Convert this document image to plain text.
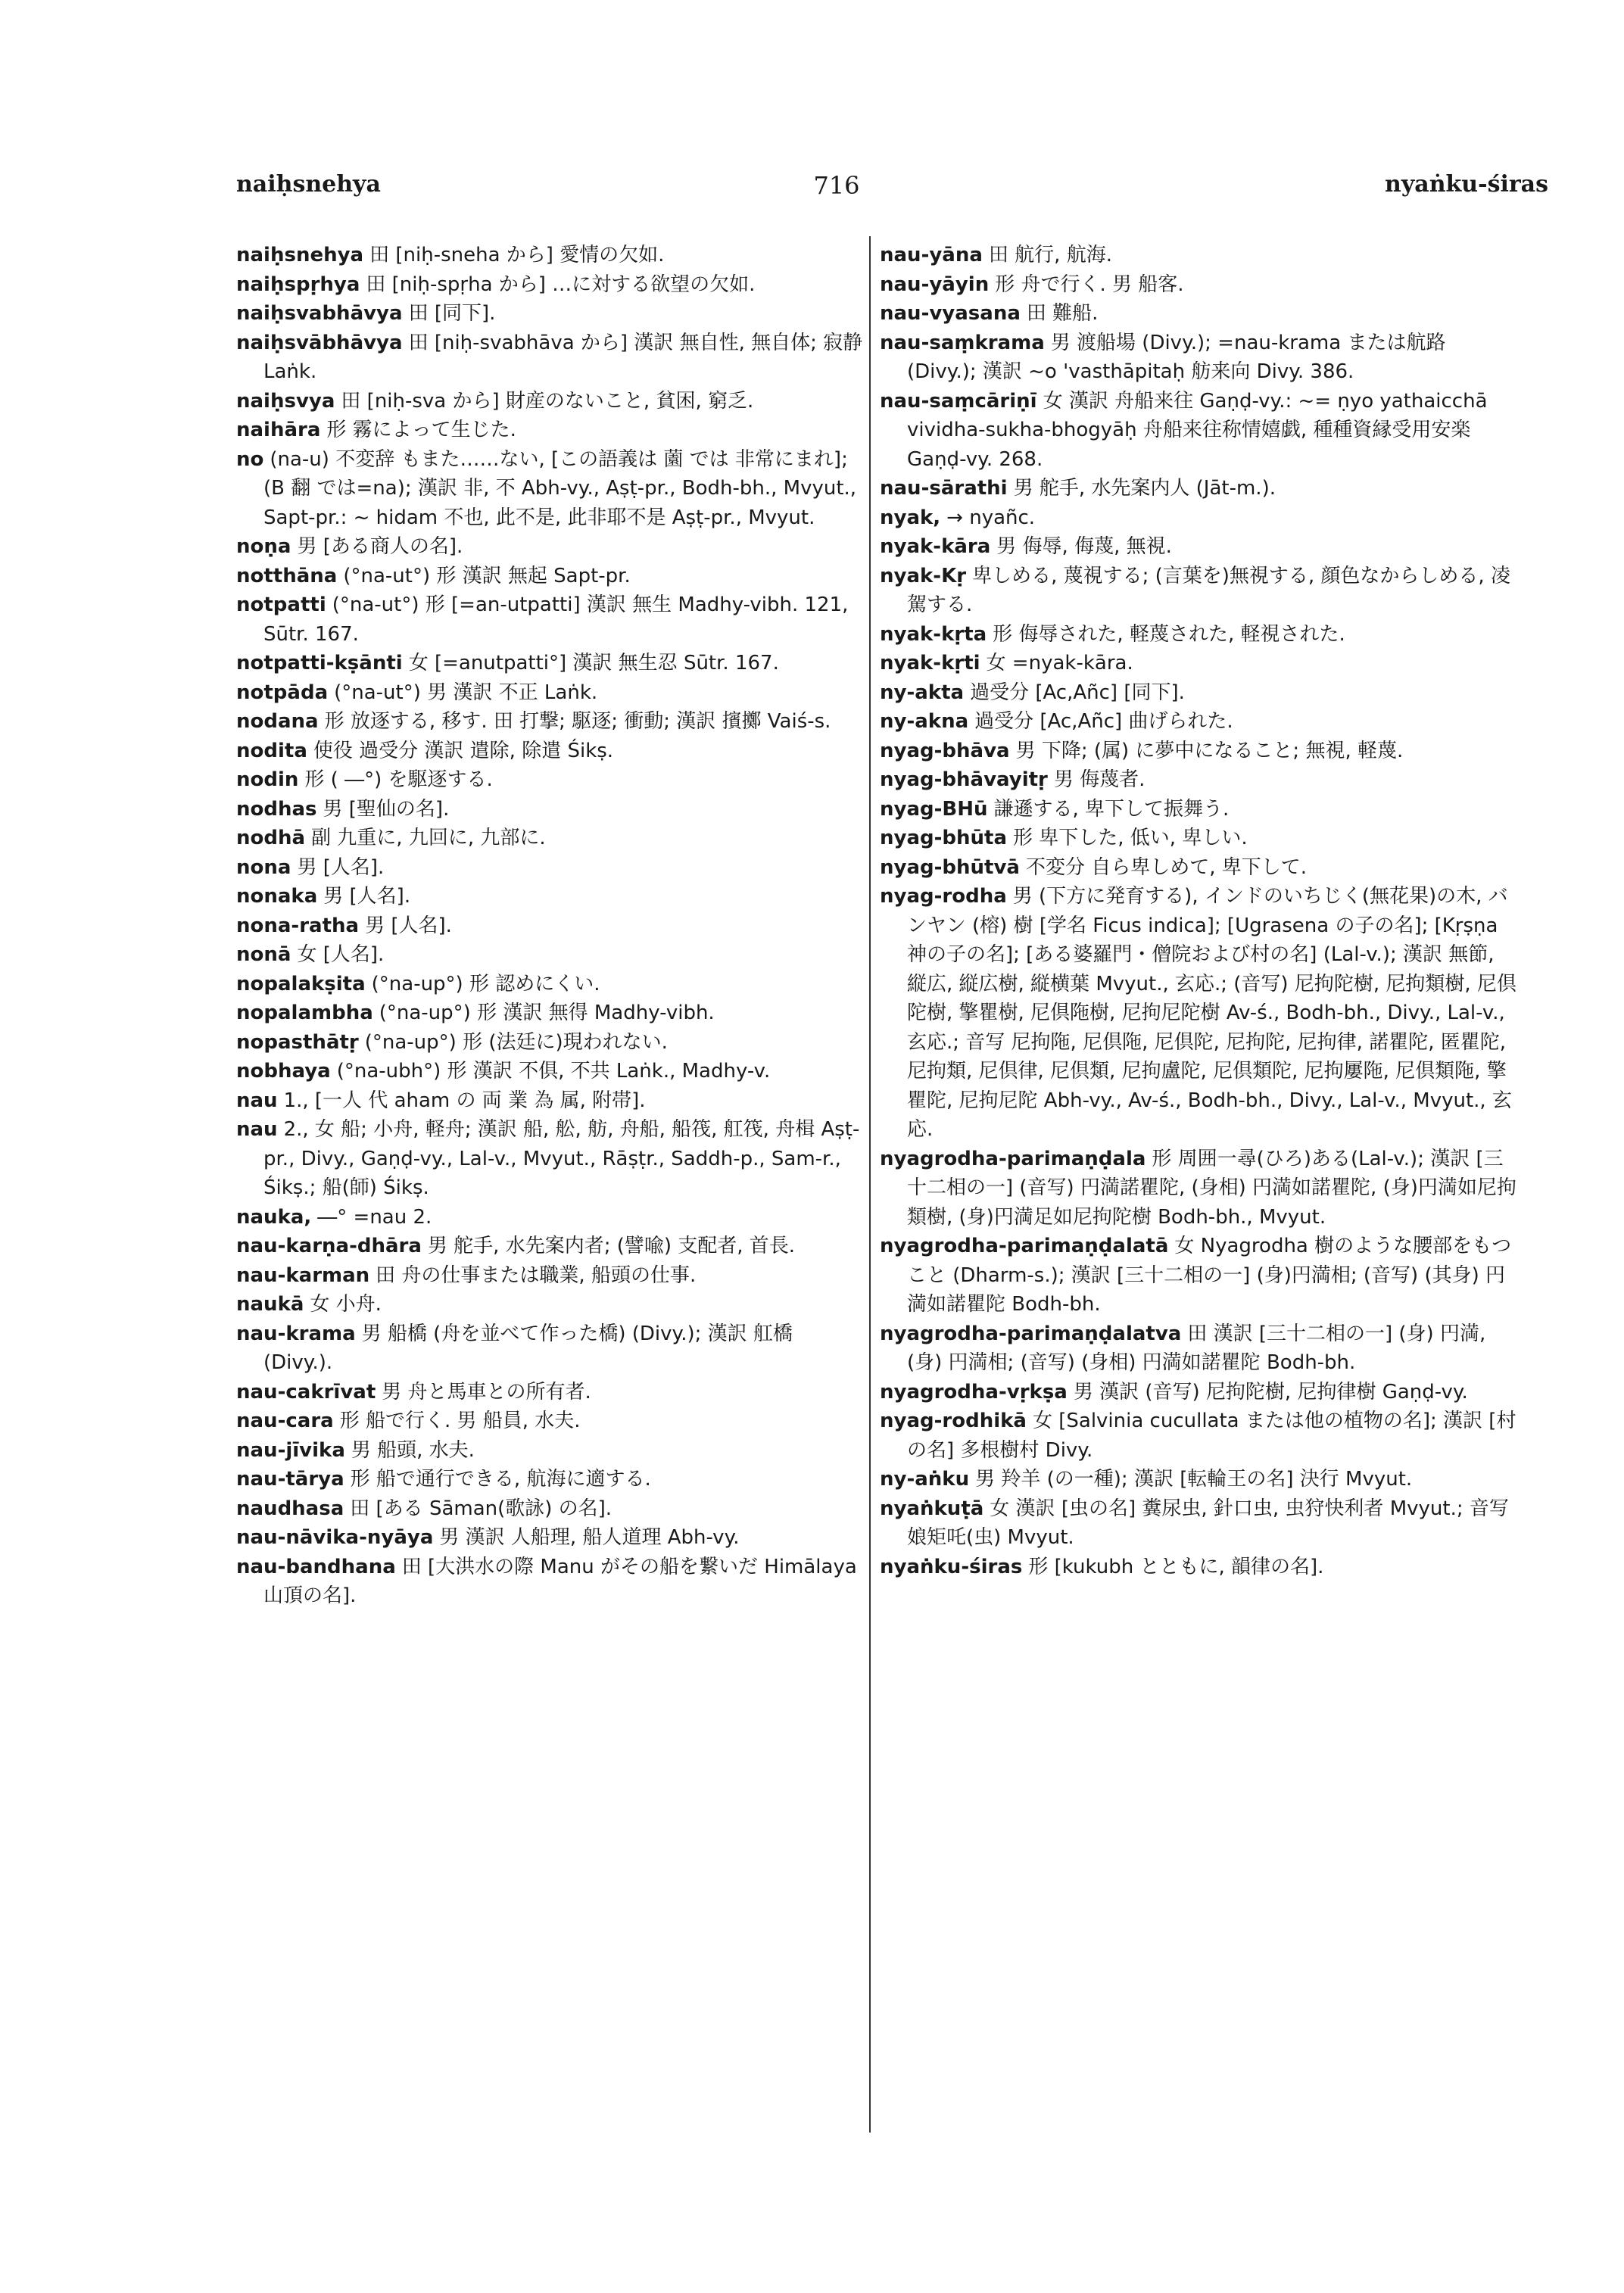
naiḥsnehya	716	nyaṅku-śiras

naiḥsnehya 田 [niḥ-sneha から] 愛情の欠如.

naiḥspṛhya 田 [niḥ-spṛha から] …に対する欲望の欠如.

naiḥsvabhāvya 田 [同下].

naiḥsvābhāvya 田 [niḥ-svabhāva から] 漢訳 無自性, 無自体; 寂静 Laṅk.

naiḥsvya 田 [niḥ-sva から] 財産のないこと, 貧困, 窮乏.

naihāra 形 霧によって生じた.

no (na-u) 不変辞 もまた……ない, [この語義は 薗 では 非常にまれ]; (B 翻 では=na); 漢訳 非, 不 Abh-vy., Aṣṭ-pr., Bodh-bh., Mvyut., Sapt-pr.: ~ hidam 不也, 此不是, 此非耶不是 Aṣṭ-pr., Mvyut.

noṇa 男 [ある商人の名].

notthāna (°na-ut°) 形 漢訳 無起 Sapt-pr.

notpatti (°na-ut°) 形 [=an-utpatti] 漢訳 無生 Madhy-vibh. 121, Sūtr. 167.

notpatti-kṣānti 女 [=anutpatti°] 漢訳 無生忍 Sūtr. 167.

notpāda (°na-ut°) 男 漢訳 不正 Laṅk.

nodana 形 放逐する, 移す. 田 打撃; 駆逐; 衝動; 漢訳 擯擲 Vaiś-s.

nodita 使役 過受分 漢訳 遣除, 除遣 Śikṣ.

nodin 形 ( ―°) を駆逐する.

nodhas 男 [聖仙の名].

nodhā 副 九重に, 九回に, 九部に.

nona 男 [人名].

nonaka 男 [人名].

nona-ratha 男 [人名].

nonā 女 [人名].

nopalakṣita (°na-up°) 形 認めにくい.

nopalambha (°na-up°) 形 漢訳 無得 Madhy-vibh.

nopasthātṛ (°na-up°) 形 (法廷に)現われない.

nobhaya (°na-ubh°) 形 漢訳 不俱, 不共 Laṅk., Madhy-v.

nau 1., [一人 代 aham の 両 業 為 属, 附帯].

nau 2., 女 船; 小舟, 軽舟; 漢訳 船, 舩, 舫, 舟船, 船筏, 舡筏, 舟楫 Aṣṭ-pr., Divy., Gaṇḍ-vy., Lal-v., Mvyut., Rāṣṭr., Saddh-p., Sam-r., Śikṣ.; 船(師) Śikṣ.

nauka, ―° =nau 2.

nau-karṇa-dhāra 男 舵手, 水先案内者; (譬喩) 支配者, 首長.

nau-karman 田 舟の仕事または職業, 船頭の仕事.

naukā 女 小舟.

nau-krama 男 船橋 (舟を並べて作った橋) (Divy.); 漢訳 舡橋 (Divy.).

nau-cakrīvat 男 舟と馬車との所有者.

nau-cara 形 船で行く. 男 船員, 水夫.

nau-jīvika 男 船頭, 水夫.

nau-tārya 形 船で通行できる, 航海に適する.

naudhasa 田 [ある Sāman(歌詠) の名].

nau-nāvika-nyāya 男 漢訳 人船理, 船人道理 Abh-vy.

nau-bandhana 田 [大洪水の際 Manu がその船を繋いだ Himālaya 山頂の名].

nau-yāna 田 航行, 航海.

nau-yāyin 形 舟で行く. 男 船客.

nau-vyasana 田 難船.

nau-saṃkrama 男 渡船場 (Divy.); =nau-krama または航路 (Divy.); 漢訳 ~o 'vasthāpitaḥ 舫来向 Divy. 386.

nau-saṃcāriṇī 女 漢訳 舟船来往 Gaṇḍ-vy.: ~= ṇyo yathaicchā vividha-sukha-bhogyāḥ 舟船来往称情嬉戯, 種種資縁受用安楽 Gaṇḍ-vy. 268.

nau-sārathi 男 舵手, 水先案内人 (Jāt-m.).

nyak, → nyañc.

nyak-kāra 男 侮辱, 侮蔑, 無視.

nyak-Kṛ 卑しめる, 蔑視する; (言葉を)無視する, 顔色なからしめる, 凌駕する.

nyak-kṛta 形 侮辱された, 軽蔑された, 軽視された.

nyak-kṛti 女 =nyak-kāra.

ny-akta 過受分 [Ac,Añc] [同下].

ny-akna 過受分 [Ac,Añc] 曲げられた.

nyag-bhāva 男 下降; (属) に夢中になること; 無視, 軽蔑.

nyag-bhāvayitṛ 男 侮蔑者.

nyag-BHū 謙遜する, 卑下して振舞う.

nyag-bhūta 形 卑下した, 低い, 卑しい.

nyag-bhūtvā 不変分 自ら卑しめて, 卑下して.

nyag-rodha 男 (下方に発育する), インドのいちじく(無花果)の木, バンヤン (榕) 樹 [学名 Ficus indica]; [Ugrasena の子の名]; [Kṛṣṇa 神の子の名]; [ある婆羅門・僧院および村の名] (Lal-v.); 漢訳 無節, 縦広, 縦広樹, 縦横葉 Mvyut., 玄応.; (音写) 尼拘陀樹, 尼拘類樹, 尼倶陀樹, 擎瞿樹, 尼倶陁樹, 尼拘尼陀樹 Av-ś., Bodh-bh., Divy., Lal-v., 玄応.; 音写 尼拘陁, 尼倶陁, 尼倶陀, 尼拘陀, 尼拘律, 諾瞿陀, 匿瞿陀, 尼拘類, 尼倶律, 尼倶類, 尼拘盧陀, 尼倶類陀, 尼拘屢陁, 尼倶類陁, 擎瞿陀, 尼拘尼陀 Abh-vy., Av-ś., Bodh-bh., Divy., Lal-v., Mvyut., 玄応.

nyagrodha-parimaṇḍala 形 周囲一尋(ひろ)ある(Lal-v.); 漢訳 [三十二相の一] (音写) 円満諾瞿陀, (身相) 円満如諾瞿陀, (身)円満如尼拘類樹, (身)円満足如尼拘陀樹 Bodh-bh., Mvyut.

nyagrodha-parimaṇḍalatā 女 Nyagrodha 樹のような腰部をもつこと (Dharm-s.); 漢訳 [三十二相の一] (身)円満相; (音写) (其身) 円満如諾瞿陀 Bodh-bh.

nyagrodha-parimaṇḍalatva 田 漢訳 [三十二相の一] (身) 円満, (身) 円満相; (音写) (身相) 円満如諾瞿陀 Bodh-bh.

nyagrodha-vṛkṣa 男 漢訳 (音写) 尼拘陀樹, 尼拘律樹 Gaṇḍ-vy.

nyag-rodhikā 女 [Salvinia cucullata または他の植物の名]; 漢訳 [村の名] 多根樹村 Divy.

ny-aṅku 男 羚羊 (の一種); 漢訳 [転輪王の名] 決行 Mvyut.

nyaṅkuṭā 女 漢訳 [虫の名] 糞尿虫, 針口虫, 虫狩快利者 Mvyut.; 音写 娘矩吒(虫) Mvyut.

nyaṅku-śiras 形 [kukubh とともに, 韻律の名].
